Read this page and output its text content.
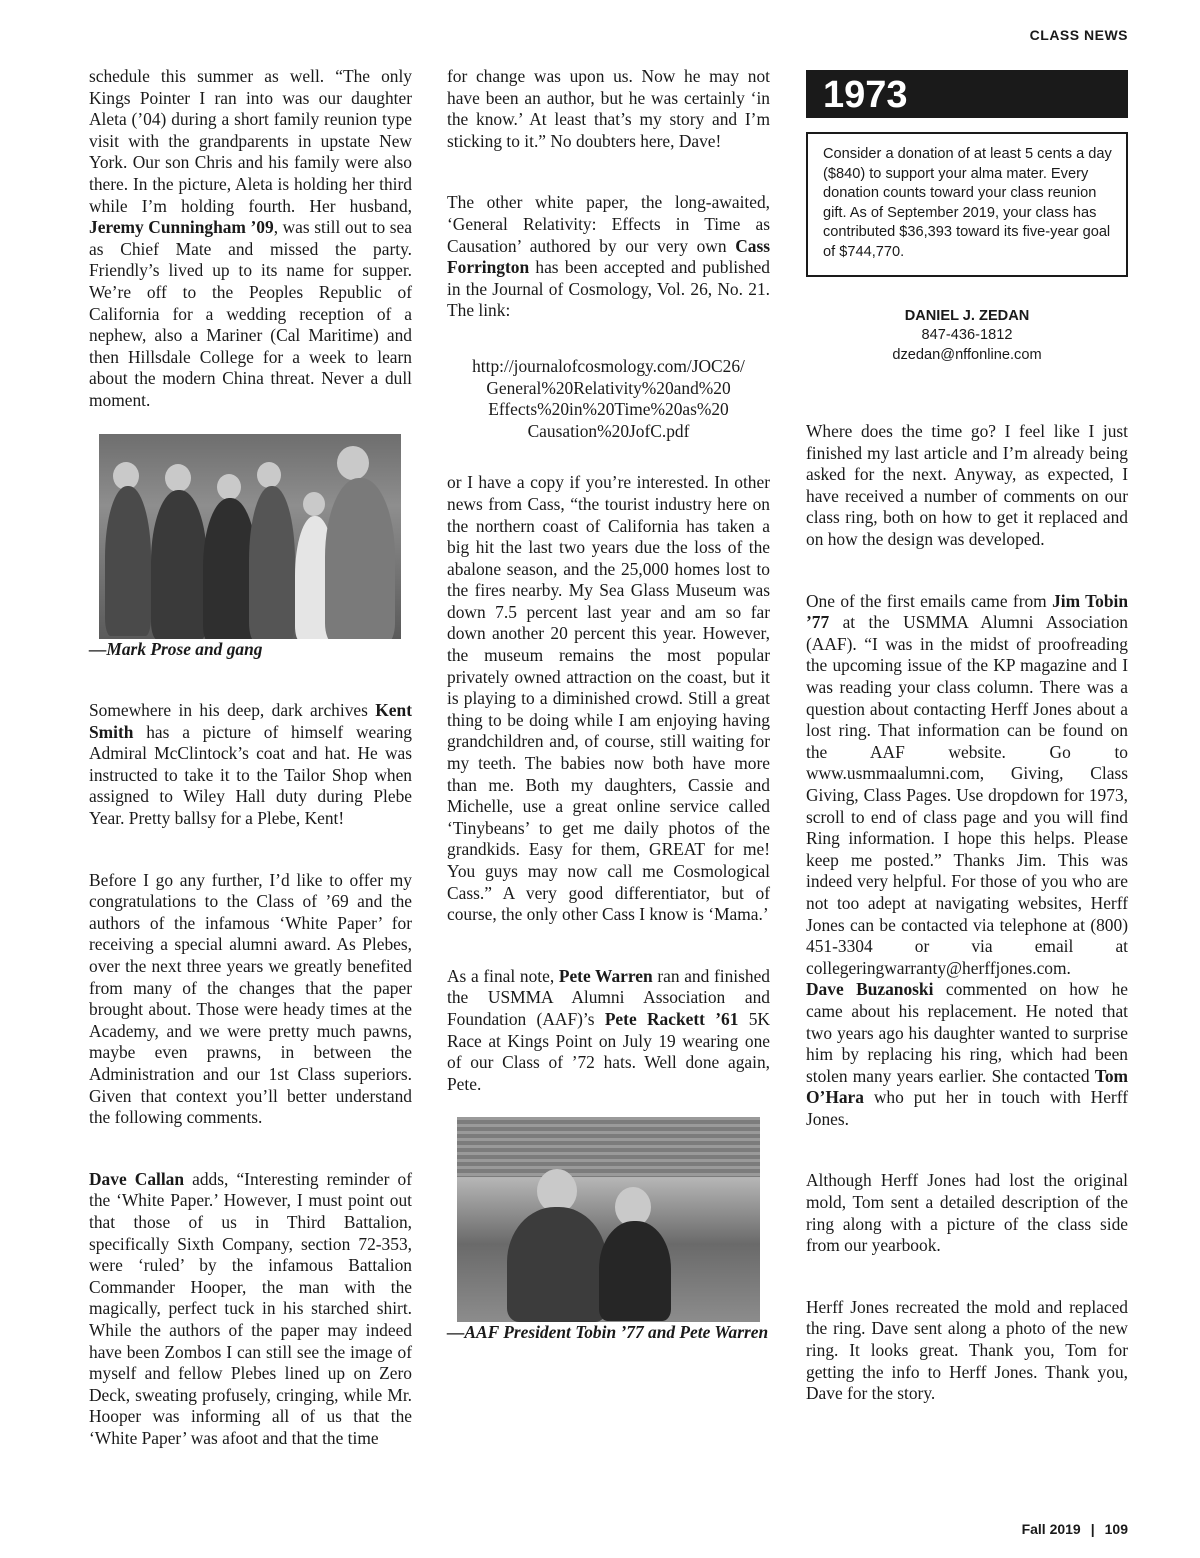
CLASS NEWS

schedule this summer as well. “The only Kings Pointer I ran into was our daughter Aleta (’04) during a short family reunion type visit with the grandparents in upstate New York. Our son Chris and his family were also there. In the picture, Aleta is holding her third while I’m holding fourth. Her husband, Jeremy Cunningham ’09, was still out to sea as Chief Mate and missed the party. Friendly’s lived up to its name for supper. We’re off to the Peoples Republic of California for a wedding reception of a nephew, also a Mariner (Cal Maritime) and then Hillsdale College for a week to learn about the modern China threat. Never a dull moment.

—Mark Prose and gang

Somewhere in his deep, dark archives Kent Smith has a picture of himself wearing Admiral McClintock’s coat and hat. He was instructed to take it to the Tailor Shop when assigned to Wiley Hall duty during Plebe Year. Pretty ballsy for a Plebe, Kent!

Before I go any further, I’d like to offer my congratulations to the Class of ’69 and the authors of the infamous ‘White Paper’ for receiving a special alumni award. As Plebes, over the next three years we greatly benefited from many of the changes that the paper brought about. Those were heady times at the Academy, and we were pretty much pawns, maybe even prawns, in between the Administration and our 1st Class superiors. Given that context you’ll better understand the following comments.

Dave Callan adds, “Interesting reminder of the ‘White Paper.’ However, I must point out that those of us in Third Battalion, specifically Sixth Company, section 72-353, were ‘ruled’ by the infamous Battalion Commander Hooper, the man with the magically, perfect tuck in his starched shirt. While the authors of the paper may indeed have been Zombos I can still see the image of myself and fellow Plebes lined up on Zero Deck, sweating profusely, cringing, while Mr. Hooper was informing all of us that the ‘White Paper’ was afoot and that the time

for change was upon us. Now he may not have been an author, but he was certainly ‘in the know.’ At least that’s my story and I’m sticking to it.” No doubters here, Dave!

The other white paper, the long-awaited, ‘General Relativity: Effects in Time as Causation’ authored by our very own Cass Forrington has been accepted and published in the Journal of Cosmology, Vol. 26, No. 21. The link:

http://journalofcosmology.com/JOC26/
General%20Relativity%20and%20
Effects%20in%20Time%20as%20
Causation%20JofC.pdf

or I have a copy if you’re interested. In other news from Cass, “the tourist industry here on the northern coast of California has taken a big hit the last two years due the loss of the abalone season, and the 25,000 homes lost to the fires nearby. My Sea Glass Museum was down 7.5 percent last year and am so far down another 20 percent this year. However, the museum remains the most popular privately owned attraction on the coast, but it is playing to a diminished crowd. Still a great thing to be doing while I am enjoying having grandchildren and, of course, still waiting for my teeth. The babies now both have more than me. Both my daughters, Cassie and Michelle, use a great online service called ‘Tinybeans’ to get me daily photos of the grandkids. Easy for them, GREAT for me! You guys may now call me Cosmological Cass.” A very good differentiator, but of course, the only other Cass I know is ‘Mama.’

As a final note, Pete Warren ran and finished the USMMA Alumni Association and Foundation (AAF)’s Pete Rackett ’61 5K Race at Kings Point on July 19 wearing one of our Class of ’72 hats. Well done again, Pete.

—AAF President Tobin ’77 and Pete Warren

1973
Consider a donation of at least 5 cents a day ($840) to support your alma mater. Every donation counts toward your class reunion gift. As of September 2019, your class has contributed $36,393 toward its five-year goal of $744,770.
DANIEL J. ZEDAN
847-436-1812
dzedan@nffonline.com

Where does the time go? I feel like I just finished my last article and I’m already being asked for the next. Anyway, as expected, I have received a number of comments on our class ring, both on how to get it replaced and on how the design was developed.

One of the first emails came from Jim Tobin ’77 at the USMMA Alumni Association (AAF). “I was in the midst of proofreading the upcoming issue of the KP magazine and I was reading your class column. There was a question about contacting Herff Jones about a lost ring. That information can be found on the AAF website. Go to www.usmmaalumni.com, Giving, Class Giving, Class Pages. Use dropdown for 1973, scroll to end of class page and you will find Ring information. I hope this helps. Please keep me posted.” Thanks Jim. This was indeed very helpful. For those of you who are not too adept at navigating websites, Herff Jones can be contacted via telephone at (800) 451-3304 or via email at collegeringwarranty@herffjones.com.

Dave Buzanoski commented on how he came about his replacement. He noted that two years ago his daughter wanted to surprise him by replacing his ring, which had been stolen many years earlier. She contacted Tom O’Hara who put her in touch with Herff Jones.

Although Herff Jones had lost the original mold, Tom sent a detailed description of the ring along with a picture of the class side from our yearbook.

Herff Jones recreated the mold and replaced the ring. Dave sent along a photo of the new ring. It looks great. Thank you, Tom for getting the info to Herff Jones. Thank you, Dave for the story.

Fall 2019 | 109
